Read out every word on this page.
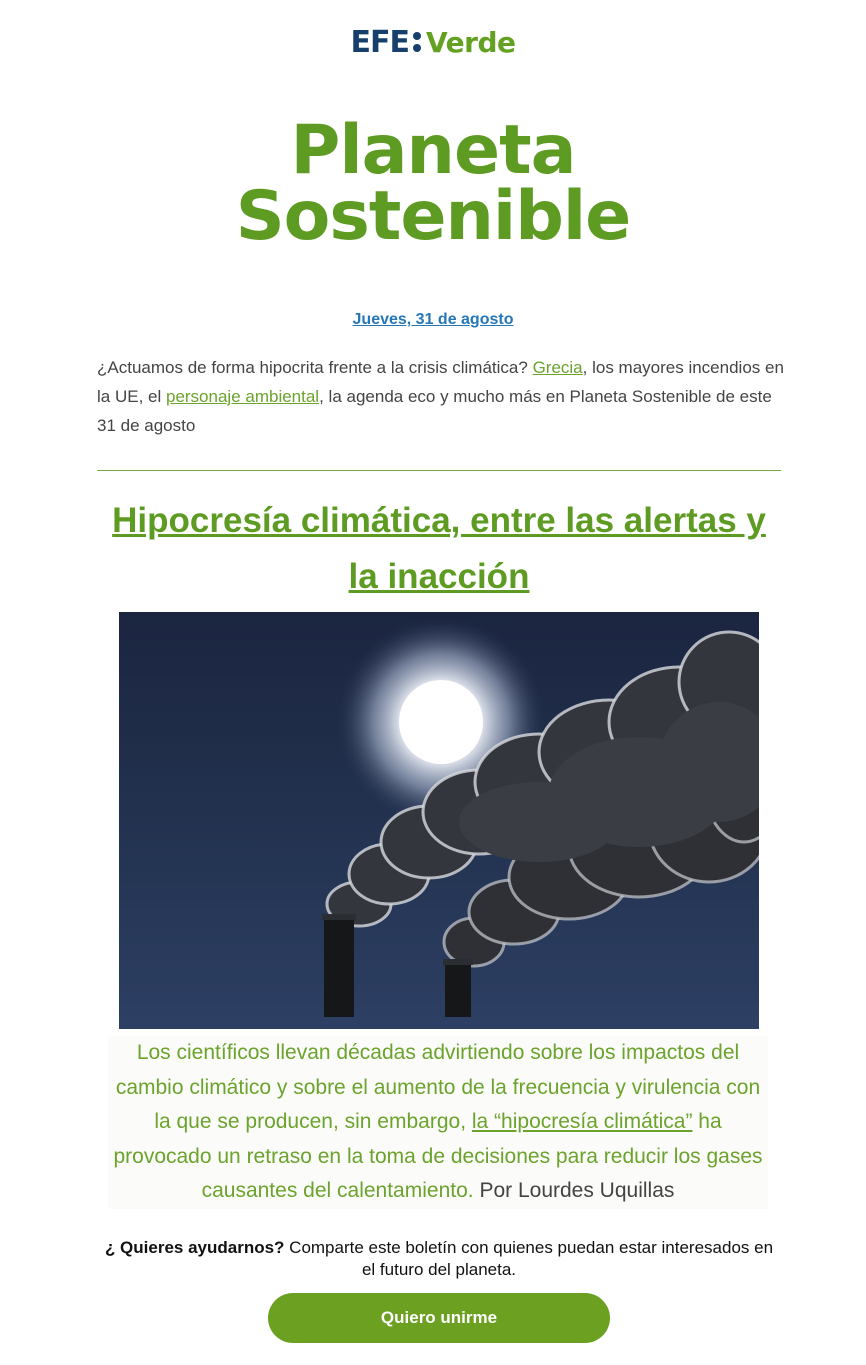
EFE Verde
Planeta
Sostenible
Jueves, 31 de agosto
¿Actuamos de forma hipocrita frente a la crisis climática? Grecia, los mayores incendios en la UE, el personaje ambiental, la agenda eco y mucho más en Planeta Sostenible de este 31 de agosto
Hipocresía climática, entre las alertas y la inacción
Los científicos llevan décadas advirtiendo sobre los impactos del cambio climático y sobre el aumento de la frecuencia y virulencia con la que se producen, sin embargo, la “hipocresía climática” ha provocado un retraso en la toma de decisiones para reducir los gases causantes del calentamiento. Por Lourdes Uquillas
¿ Quieres ayudarnos? Comparte este boletín con quienes puedan estar interesados en el futuro del planeta.
Quiero unirme
